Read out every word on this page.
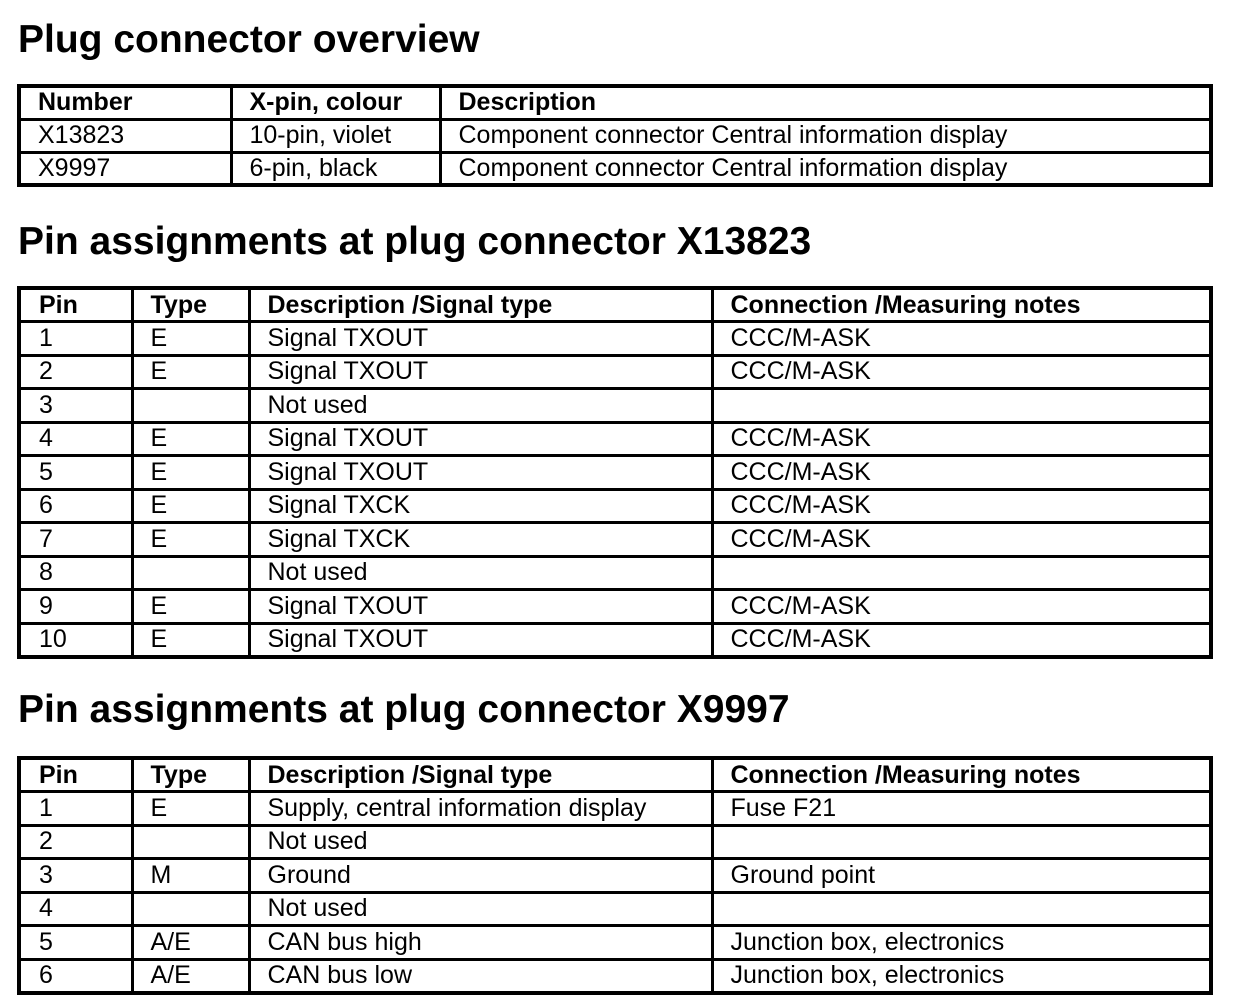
Plug connector overview
Number	X-pin, colour	Description
X13823	10-pin, violet	Component connector Central information display
X9997	6-pin, black	Component connector Central information display
Pin assignments at plug connector X13823
Pin	Type	Description /Signal type	Connection /Measuring notes
1	E	Signal TXOUT	CCC/M-ASK
2	E	Signal TXOUT	CCC/M-ASK
3		Not used	
4	E	Signal TXOUT	CCC/M-ASK
5	E	Signal TXOUT	CCC/M-ASK
6	E	Signal TXCK	CCC/M-ASK
7	E	Signal TXCK	CCC/M-ASK
8		Not used	
9	E	Signal TXOUT	CCC/M-ASK
10	E	Signal TXOUT	CCC/M-ASK
Pin assignments at plug connector X9997
Pin	Type	Description /Signal type	Connection /Measuring notes
1	E	Supply, central information display	Fuse F21
2		Not used	
3	M	Ground	Ground point
4		Not used	
5	A/E	CAN bus high	Junction box, electronics
6	A/E	CAN bus low	Junction box, electronics
